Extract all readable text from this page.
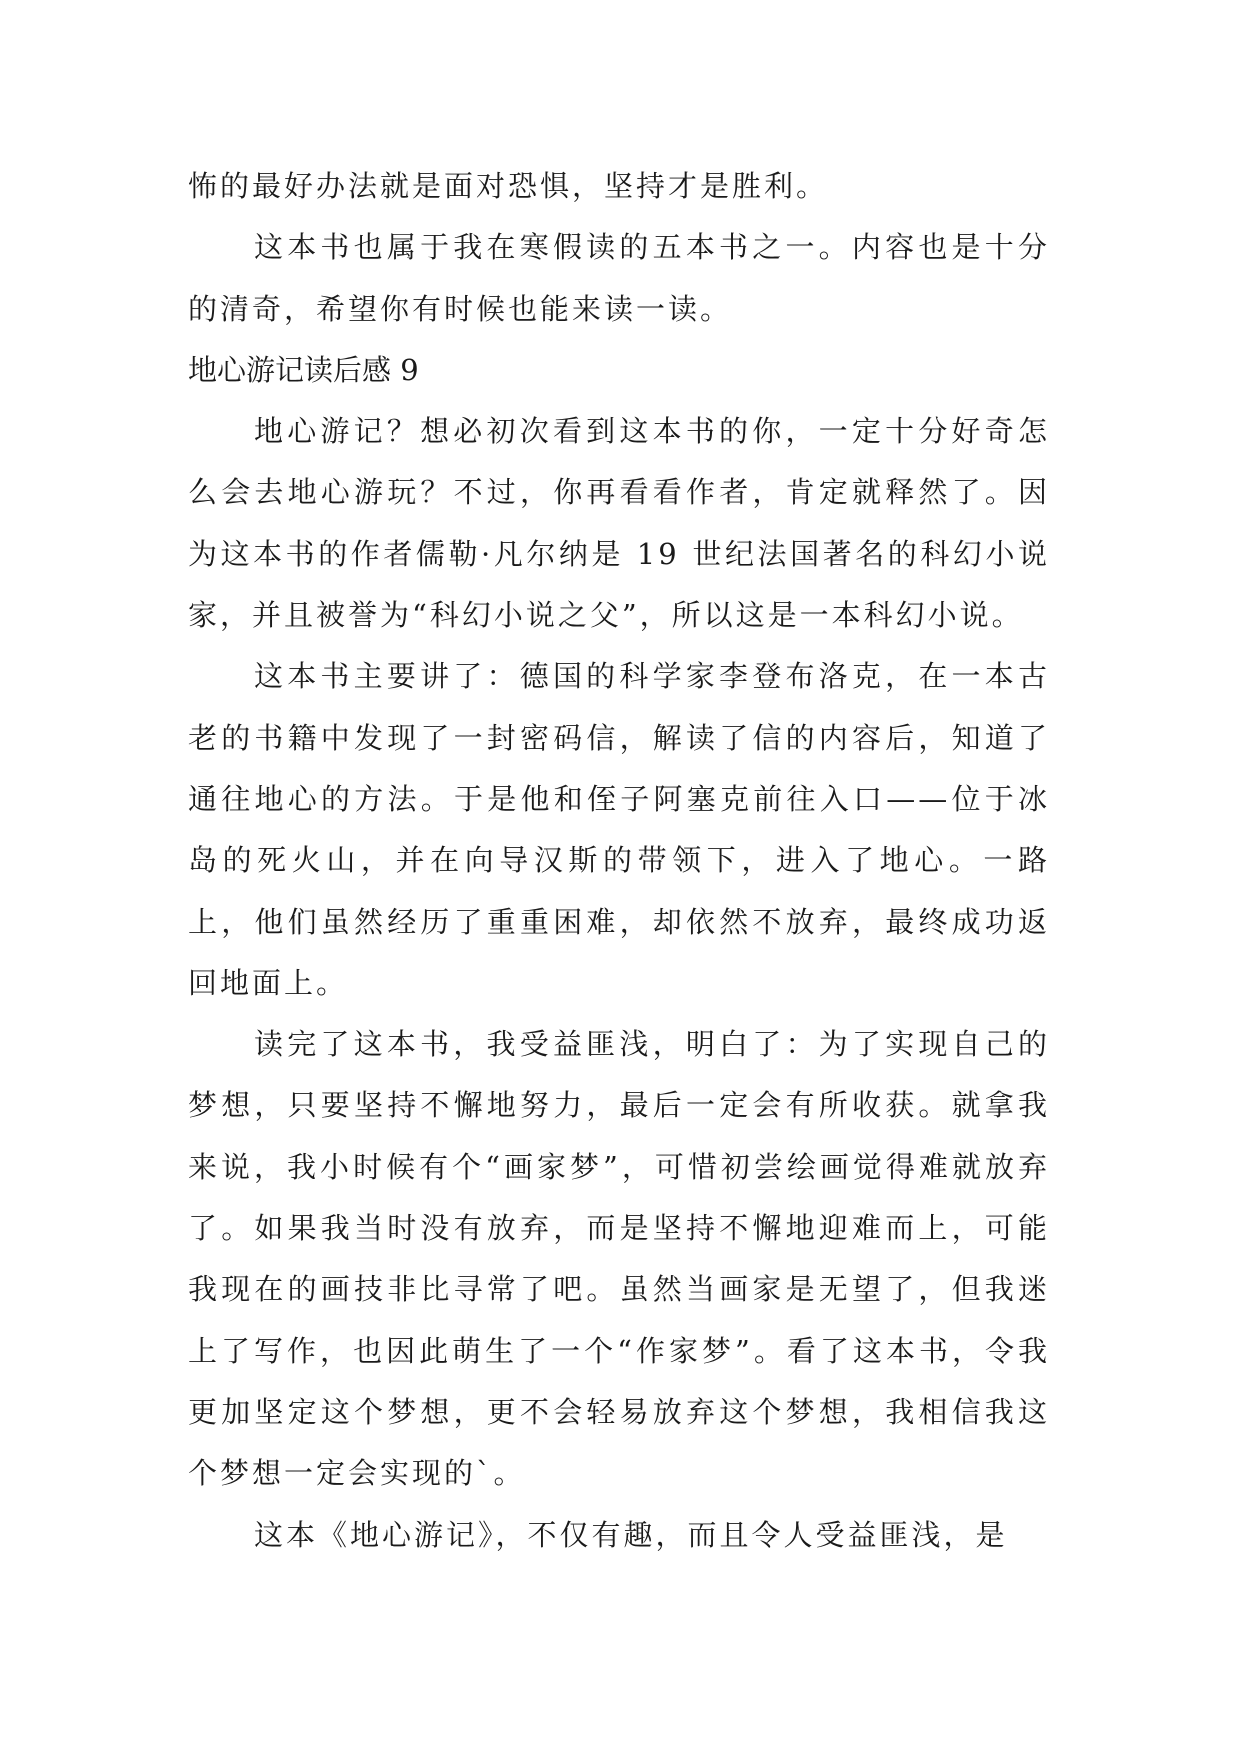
怖的最好办法就是面对恐惧，坚持才是胜利。

这本书也属于我在寒假读的五本书之一。内容也是十分的清奇，希望你有时候也能来读一读。

地心游记读后感 9

地心游记？想必初次看到这本书的你，一定十分好奇怎么会去地心游玩？不过，你再看看作者，肯定就释然了。因为这本书的作者儒勒·凡尔纳是 19 世纪法国著名的科幻小说家，并且被誉为“科幻小说之父”，所以这是一本科幻小说。

这本书主要讲了：德国的科学家李登布洛克，在一本古老的书籍中发现了一封密码信，解读了信的内容后，知道了通往地心的方法。于是他和侄子阿塞克前往入口——位于冰岛的死火山，并在向导汉斯的带领下，进入了地心。一路上，他们虽然经历了重重困难，却依然不放弃，最终成功返回地面上。

读完了这本书，我受益匪浅，明白了：为了实现自己的梦想，只要坚持不懈地努力，最后一定会有所收获。就拿我来说，我小时候有个“画家梦”，可惜初尝绘画觉得难就放弃了。如果我当时没有放弃，而是坚持不懈地迎难而上，可能我现在的画技非比寻常了吧。虽然当画家是无望了，但我迷上了写作，也因此萌生了一个“作家梦”。看了这本书，令我更加坚定这个梦想，更不会轻易放弃这个梦想，我相信我这个梦想一定会实现的`。

这本《地心游记》，不仅有趣，而且令人受益匪浅，是
